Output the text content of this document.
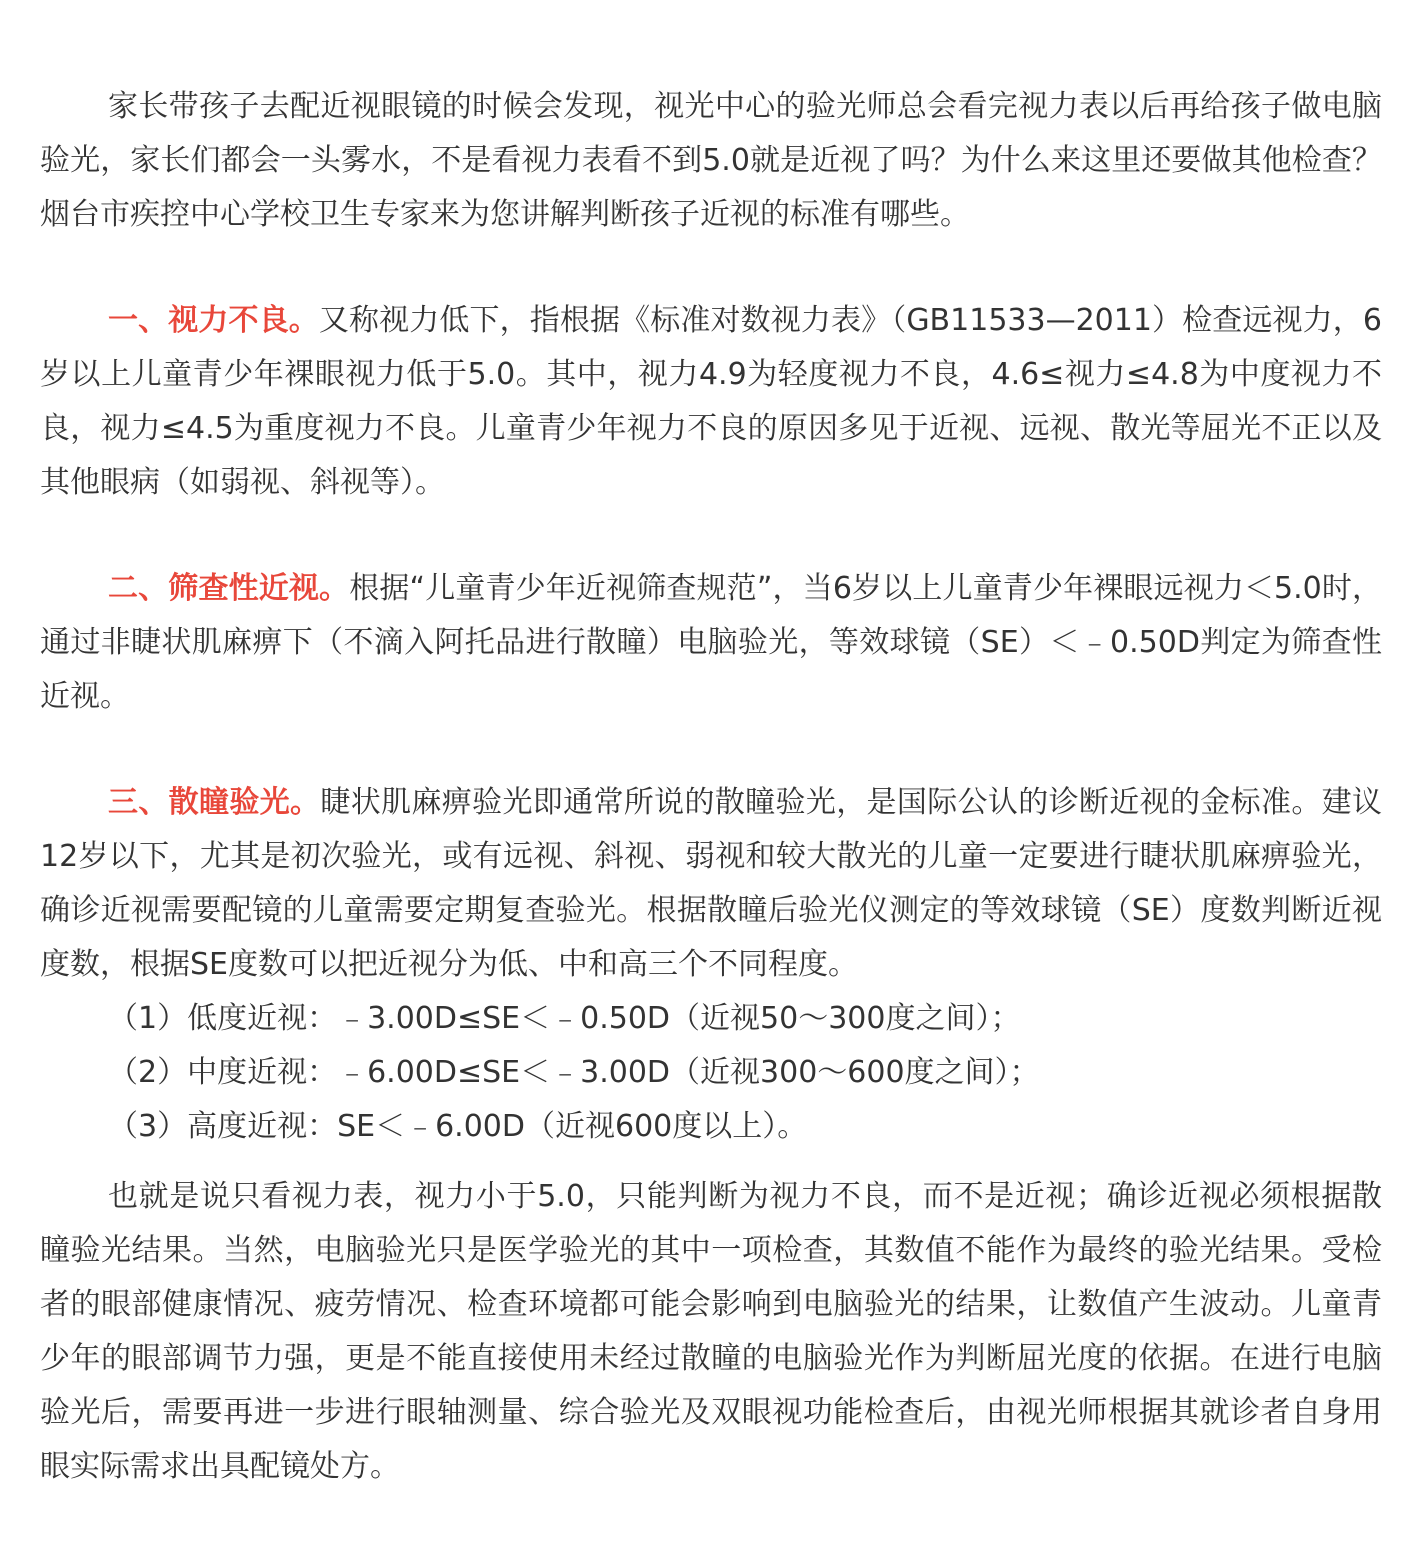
家长带孩子去配近视眼镜的时候会发现，视光中心的验光师总会看完视力表以后再给孩子做电脑验光，家长们都会一头雾水，不是看视力表看不到5.0就是近视了吗？为什么来这里还要做其他检查？烟台市疾控中心学校卫生专家来为您讲解判断孩子近视的标准有哪些。

一、视力不良。又称视力低下，指根据《标准对数视力表》（GB11533—2011）检查远视力，6岁以上儿童青少年裸眼视力低于5.0。其中，视力4.9为轻度视力不良，4.6≤视力≤4.8为中度视力不良，视力≤4.5为重度视力不良。儿童青少年视力不良的原因多见于近视、远视、散光等屈光不正以及其他眼病（如弱视、斜视等）。

二、筛查性近视。根据“儿童青少年近视筛查规范”，当6岁以上儿童青少年裸眼远视力＜5.0时，通过非睫状肌麻痹下（不滴入阿托品进行散瞳）电脑验光，等效球镜（SE）＜﹣0.50D判定为筛查性近视。

三、散瞳验光。睫状肌麻痹验光即通常所说的散瞳验光，是国际公认的诊断近视的金标准。建议12岁以下，尤其是初次验光，或有远视、斜视、弱视和较大散光的儿童一定要进行睫状肌麻痹验光，确诊近视需要配镜的儿童需要定期复查验光。根据散瞳后验光仪测定的等效球镜（SE）度数判断近视度数，根据SE度数可以把近视分为低、中和高三个不同程度。

（1）低度近视：﹣3.00D≤SE＜﹣0.50D（近视50～300度之间）；

（2）中度近视：﹣6.00D≤SE＜﹣3.00D（近视300～600度之间）；

（3）高度近视：SE＜﹣6.00D（近视600度以上）。

也就是说只看视力表，视力小于5.0，只能判断为视力不良，而不是近视；确诊近视必须根据散瞳验光结果。当然，电脑验光只是医学验光的其中一项检查，其数值不能作为最终的验光结果。受检者的眼部健康情况、疲劳情况、检查环境都可能会影响到电脑验光的结果，让数值产生波动。儿童青少年的眼部调节力强，更是不能直接使用未经过散瞳的电脑验光作为判断屈光度的依据。在进行电脑验光后，需要再进一步进行眼轴测量、综合验光及双眼视功能检查后，由视光师根据其就诊者自身用眼实际需求出具配镜处方。
